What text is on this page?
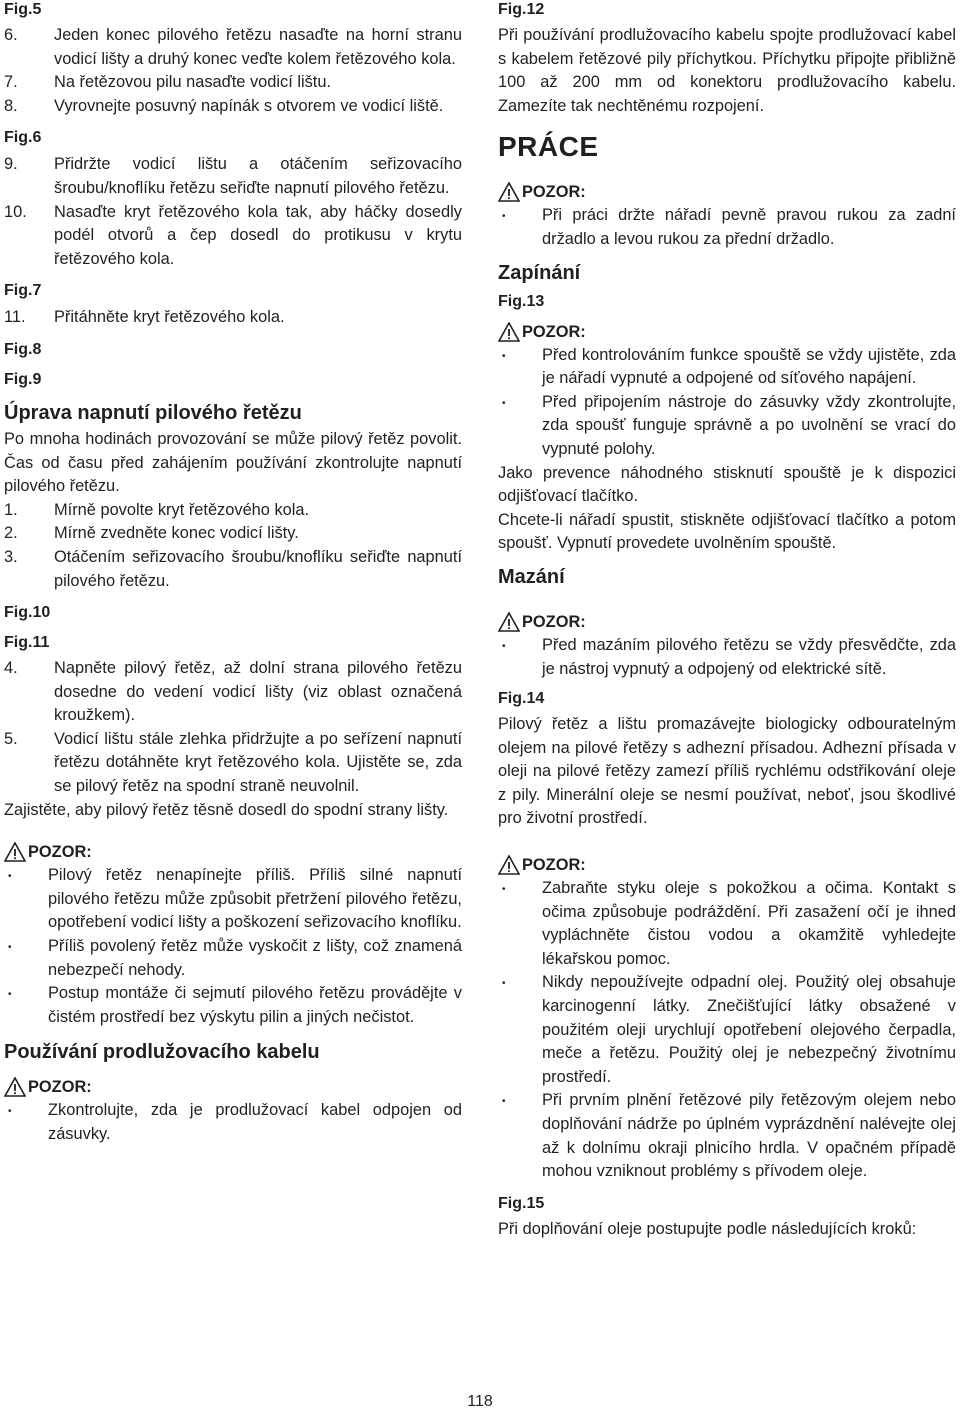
Fig.5
6.	Jeden konec pilového řetězu nasaďte na horní stranu vodicí lišty a druhý konec veďte kolem řetězového kola.
7.	Na řetězovou pilu nasaďte vodicí lištu.
8.	Vyrovnejte posuvný napínák s otvorem ve vodicí liště.
Fig.6
9.	Přidržte vodicí lištu a otáčením seřizovacího šroubu/knoflíku řetězu seřiďte napnutí pilového řetězu.
10.	Nasaďte kryt řetězového kola tak, aby háčky dosedly podél otvorů a čep dosedl do protikusu v krytu řetězového kola.
Fig.7
11.	Přitáhněte kryt řetězového kola.
Fig.8
Fig.9
Úprava napnutí pilového řetězu
Po mnoha hodinách provozování se může pilový řetěz povolit. Čas od času před zahájením používání zkontrolujte napnutí pilového řetězu.
1.	Mírně povolte kryt řetězového kola.
2.	Mírně zvedněte konec vodicí lišty.
3.	Otáčením seřizovacího šroubu/knoflíku seřiďte napnutí pilového řetězu.
Fig.10
Fig.11
4.	Napněte pilový řetěz, až dolní strana pilového řetězu dosedne do vedení vodicí lišty (viz oblast označená kroužkem).
5.	Vodicí lištu stále zlehka přidržujte a po seřízení napnutí řetězu dotáhněte kryt řetězového kola. Ujistěte se, zda se pilový řetěz na spodní straně neuvolnil.
Zajistěte, aby pilový řetěz těsně dosedl do spodní strany lišty.
POZOR:
•
Pilový řetěz nenapínejte příliš. Příliš silné napnutí pilového řetězu může způsobit přetržení pilového řetězu, opotřebení vodicí lišty a poškození seřizovacího knoflíku.
•
Příliš povolený řetěz může vyskočit z lišty, což znamená nebezpečí nehody.
•
Postup montáže či sejmutí pilového řetězu provádějte v čistém prostředí bez výskytu pilin a jiných nečistot.
Používání prodlužovacího kabelu
POZOR:
•
Zkontrolujte, zda je prodlužovací kabel odpojen od zásuvky.
Fig.12
Při používání prodlužovacího kabelu spojte prodlužovací kabel s kabelem řetězové pily příchytkou. Příchytku připojte přibližně 100 až 200 mm od konektoru prodlužovacího kabelu. Zamezíte tak nechtěnému rozpojení.
PRÁCE
POZOR:
•
Při práci držte nářadí pevně pravou rukou za zadní držadlo a levou rukou za přední držadlo.
Zapínání
Fig.13
POZOR:
•
Před kontrolováním funkce spouště se vždy ujistěte, zda je nářadí vypnuté a odpojené od síťového napájení.
•
Před připojením nástroje do zásuvky vždy zkontrolujte, zda spoušť funguje správně a po uvolnění se vrací do vypnuté polohy.
Jako prevence náhodného stisknutí spouště je k dispozici odjišťovací tlačítko.
Chcete-li nářadí spustit, stiskněte odjišťovací tlačítko a potom spoušť. Vypnutí provedete uvolněním spouště.
Mazání
POZOR:
•
Před mazáním pilového řetězu se vždy přesvědčte, zda je nástroj vypnutý a odpojený od elektrické sítě.
Fig.14
Pilový řetěz a lištu promazávejte biologicky odbouratelným olejem na pilové řetězy s adhezní přísadou. Adhezní přísada v oleji na pilové řetězy zamezí příliš rychlému odstřikování oleje z pily. Minerální oleje se nesmí používat, neboť, jsou škodlivé pro životní prostředí.
POZOR:
•
Zabraňte styku oleje s pokožkou a očima. Kontakt s očima způsobuje podráždění. Při zasažení očí je ihned vypláchněte čistou vodou a okamžitě vyhledejte lékařskou pomoc.
•
Nikdy nepoužívejte odpadní olej. Použitý olej obsahuje karcinogenní látky. Znečišťující látky obsažené v použitém oleji urychlují opotřebení olejového čerpadla, meče a řetězu. Použitý olej je nebezpečný životnímu prostředí.
•
Při prvním plnění řetězové pily řetězovým olejem nebo doplňování nádrže po úplném vyprázdnění nalévejte olej až k dolnímu okraji plnicího hrdla. V opačném případě mohou vzniknout problémy s přívodem oleje.
Fig.15
Při doplňování oleje postupujte podle následujících kroků:
118
